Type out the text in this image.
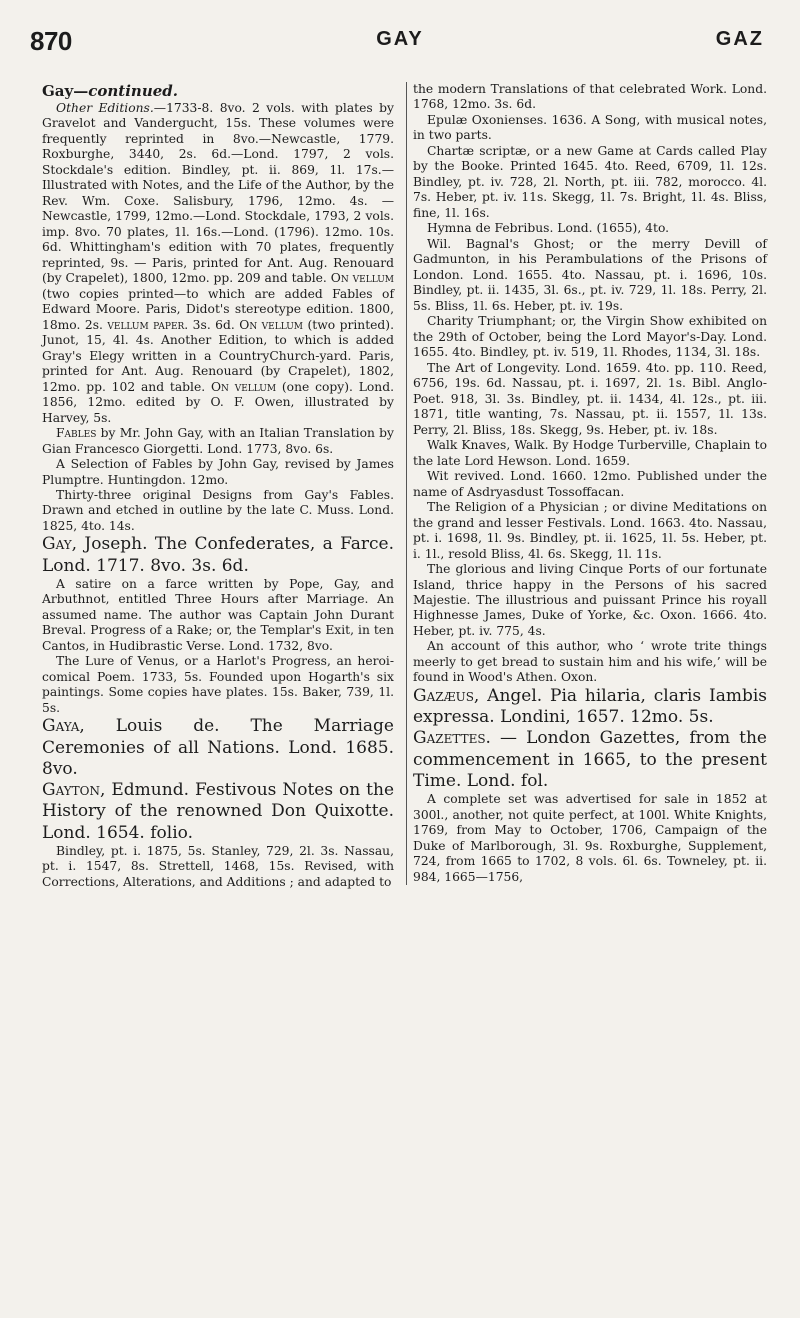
870	GAY	GAZ

Gay—continued.

Other Editions.—1733-8. 8vo. 2 vols. with plates by Gravelot and Vandergucht, 15s. These volumes were frequently reprinted in 8vo.—Newcastle, 1779. Roxburghe, 3440, 2s. 6d.—Lond. 1797, 2 vols. Stockdale's edition. Bindley, pt. ii. 869, 1l. 17s.—Illustrated with Notes, and the Life of the Author, by the Rev. Wm. Coxe. Salisbury, 1796, 12mo. 4s. — Newcastle, 1799, 12mo.—Lond. Stockdale, 1793, 2 vols. imp. 8vo. 70 plates, 1l. 16s.—Lond. (1796). 12mo. 10s. 6d. Whittingham's edition with 70 plates, frequently reprinted, 9s. — Paris, printed for Ant. Aug. Renouard (by Crapelet), 1800, 12mo. pp. 209 and table. On vellum (two copies printed—to which are added Fables of Edward Moore. Paris, Didot's stereotype edition. 1800, 18mo. 2s. vellum paper. 3s. 6d. On vellum (two printed). Junot, 15, 4l. 4s. Another Edition, to which is added Gray's Elegy written in a CountryChurch-yard. Paris, printed for Ant. Aug. Renouard (by Crapelet), 1802, 12mo. pp. 102 and table. On vellum (one copy). Lond. 1856, 12mo. edited by O. F. Owen, illustrated by Harvey, 5s.

Fables by Mr. John Gay, with an Italian Translation by Gian Francesco Giorgetti. Lond. 1773, 8vo. 6s.

A Selection of Fables by John Gay, revised by James Plumptre. Huntingdon. 12mo.

Thirty-three original Designs from Gay's Fables. Drawn and etched in outline by the late C. Muss. Lond. 1825, 4to. 14s.

Gay, Joseph. The Confederates, a Farce. Lond. 1717. 8vo. 3s. 6d.

A satire on a farce written by Pope, Gay, and Arbuthnot, entitled Three Hours after Marriage. An assumed name. The author was Captain John Durant Breval. Progress of a Rake; or, the Templar's Exit, in ten Cantos, in Hudibrastic Verse. Lond. 1732, 8vo.

The Lure of Venus, or a Harlot's Progress, an heroi-comical Poem. 1733, 5s. Founded upon Hogarth's six paintings. Some copies have plates. 15s. Baker, 739, 1l. 5s.

Gaya, Louis de. The Marriage Ceremonies of all Nations. Lond. 1685. 8vo.

Gayton, Edmund. Festivous Notes on the History of the renowned Don Quixotte. Lond. 1654. folio.

Bindley, pt. i. 1875, 5s. Stanley, 729, 2l. 3s. Nassau, pt. i. 1547, 8s. Strettell, 1468, 15s. Revised, with Corrections, Alterations, and Additions ; and adapted to

the modern Translations of that celebrated Work. Lond. 1768, 12mo. 3s. 6d.

Epulæ Oxonienses. 1636. A Song, with musical notes, in two parts.

Chartæ scriptæ, or a new Game at Cards called Play by the Booke. Printed 1645. 4to. Reed, 6709, 1l. 12s. Bindley, pt. iv. 728, 2l. North, pt. iii. 782, morocco. 4l. 7s. Heber, pt. iv. 11s. Skegg, 1l. 7s. Bright, 1l. 4s. Bliss, fine, 1l. 16s.

Hymna de Febribus. Lond. (1655), 4to.

Wil. Bagnal's Ghost; or the merry Devill of Gadmunton, in his Perambulations of the Prisons of London. Lond. 1655. 4to. Nassau, pt. i. 1696, 10s. Bindley, pt. ii. 1435, 3l. 6s., pt. iv. 729, 1l. 18s. Perry, 2l. 5s. Bliss, 1l. 6s. Heber, pt. iv. 19s.

Charity Triumphant; or, the Virgin Show exhibited on the 29th of October, being the Lord Mayor's-Day. Lond. 1655. 4to. Bindley, pt. iv. 519, 1l. Rhodes, 1134, 3l. 18s.

The Art of Longevity. Lond. 1659. 4to. pp. 110. Reed, 6756, 19s. 6d. Nassau, pt. i. 1697, 2l. 1s. Bibl. Anglo-Poet. 918, 3l. 3s. Bindley, pt. ii. 1434, 4l. 12s., pt. iii. 1871, title wanting, 7s. Nassau, pt. ii. 1557, 1l. 13s. Perry, 2l. Bliss, 18s. Skegg, 9s. Heber, pt. iv. 18s.

Walk Knaves, Walk. By Hodge Turberville, Chaplain to the late Lord Hewson. Lond. 1659.

Wit revived. Lond. 1660. 12mo. Published under the name of Asdryasdust Tossoffacan.

The Religion of a Physician ; or divine Meditations on the grand and lesser Festivals. Lond. 1663. 4to. Nassau, pt. i. 1698, 1l. 9s. Bindley, pt. ii. 1625, 1l. 5s. Heber, pt. i. 1l., resold Bliss, 4l. 6s. Skegg, 1l. 11s.

The glorious and living Cinque Ports of our fortunate Island, thrice happy in the Persons of his sacred Majestie. The illustrious and puissant Prince his royall Highnesse James, Duke of Yorke, &c. Oxon. 1666. 4to. Heber, pt. iv. 775, 4s.

An account of this author, who ‘ wrote trite things meerly to get bread to sustain him and his wife,’ will be found in Wood's Athen. Oxon.

Gazæus, Angel. Pia hilaria, claris Iambis expressa. Londini, 1657. 12mo. 5s.

Gazettes. — London Gazettes, from the commencement in 1665, to the present Time. Lond. fol.

A complete set was advertised for sale in 1852 at 300l., another, not quite perfect, at 100l. White Knights, 1769, from May to October, 1706, Campaign of the Duke of Marlborough, 3l. 9s. Roxburghe, Supplement, 724, from 1665 to 1702, 8 vols. 6l. 6s. Towneley, pt. ii. 984, 1665—1756,
